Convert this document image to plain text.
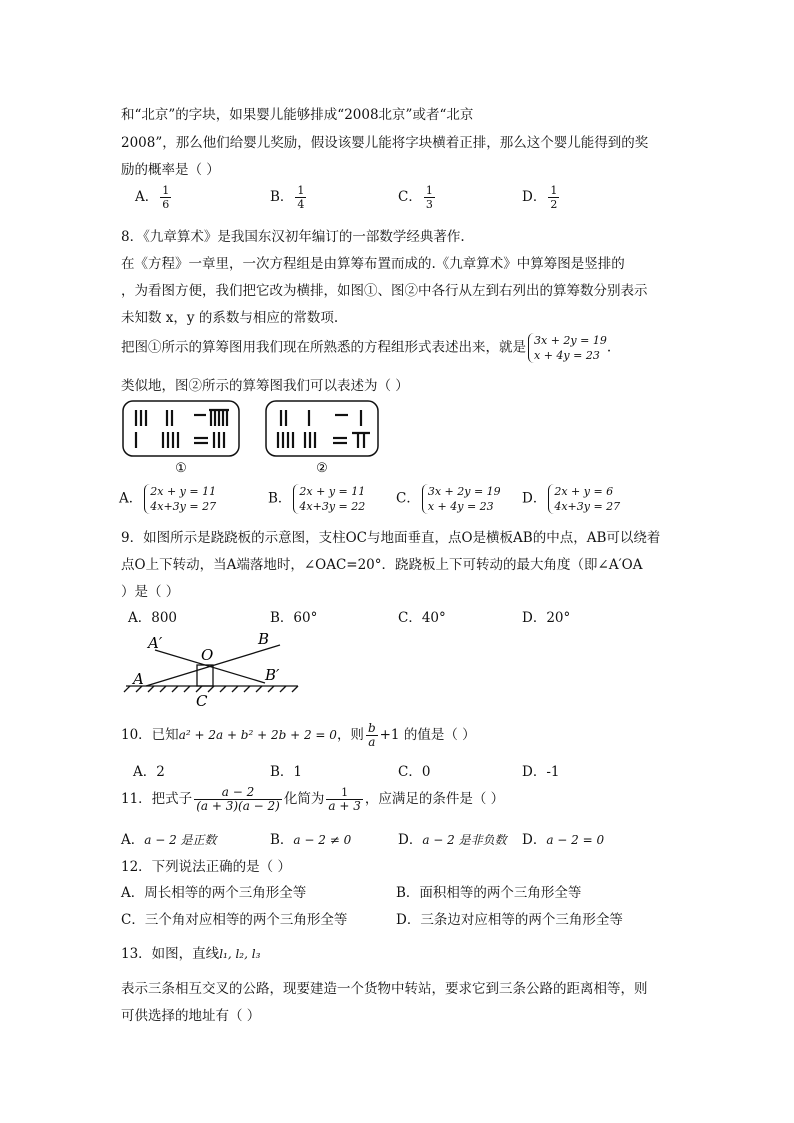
和“北京”的字块，如果婴儿能够排成“2008北京”或者“北京
2008”，那么他们给婴儿奖励，假设该婴儿能将字块横着正排，那么这个婴儿能得到的奖
励的概率是（ ）
A． $\frac{1}{6}$	B． $\frac{1}{4}$	C． $\frac{1}{3}$	D． $\frac{1}{2}$
8．《九章算术》是我国东汉初年编订的一部数学经典著作.
在《方程》一章里，一次方程组是由算筹布置而成的.《九章算术》中算筹图是竖排的
，为看图方便，我们把它改为横排，如图①、图②中各行从左到右列出的算筹数分别表示
未知数 x，y 的系数与相应的常数项.
把图①所示的算筹图用我们现在所熟悉的方程组形式表述出来，就是 3x + 2y = 19
x + 4y = 23 .
类似地，图②所示的算筹图我们可以表述为（ ）
①	②
A． 2x + y = 11
4x+3y = 27	B． 2x + y = 11
4x+3y = 22 C． 3x + 2y = 19
x + 4y = 23	D． 2x + y = 6
4x+3y = 27
9．如图所示是跷跷板的示意图，支柱OC与地面垂直，点O是横板AB的中点，AB可以绕着
点O上下转动，当A端落地时，∠OAC=20°．跷跷板上下可转动的最大角度（即∠A′OA
）是（ ）
A．800	B．60°	C．40°	D．20°
A′
O
B
A	B′
C
10．已知a² + 2a + b² + 2b + 2 = 0，则 $\frac{b}{a} +1$ 的值是（ ）
A．2	B．1	C．0	D．-1
11．把式子 $\frac{a - 2}{(a + 3)(a - 2)}$ 化简为 $\frac{1}{a + 3}$ ，应满足的条件是（ ）
A．a − 2 是正数	B．a − 2 ≠ 0	D．a − 2 是非负数 D．a − 2 = 0
12．下列说法正确的是（ ）
A．周长相等的两个三角形全等	B．面积相等的两个三角形全等
C．三个角对应相等的两个三角形全等	D．三条边对应相等的两个三角形全等
13．如图，直线l₁, l₂, l₃
表示三条相互交叉的公路，现要建造一个货物中转站，要求它到三条公路的距离相等，则
可供选择的地址有（ ）
